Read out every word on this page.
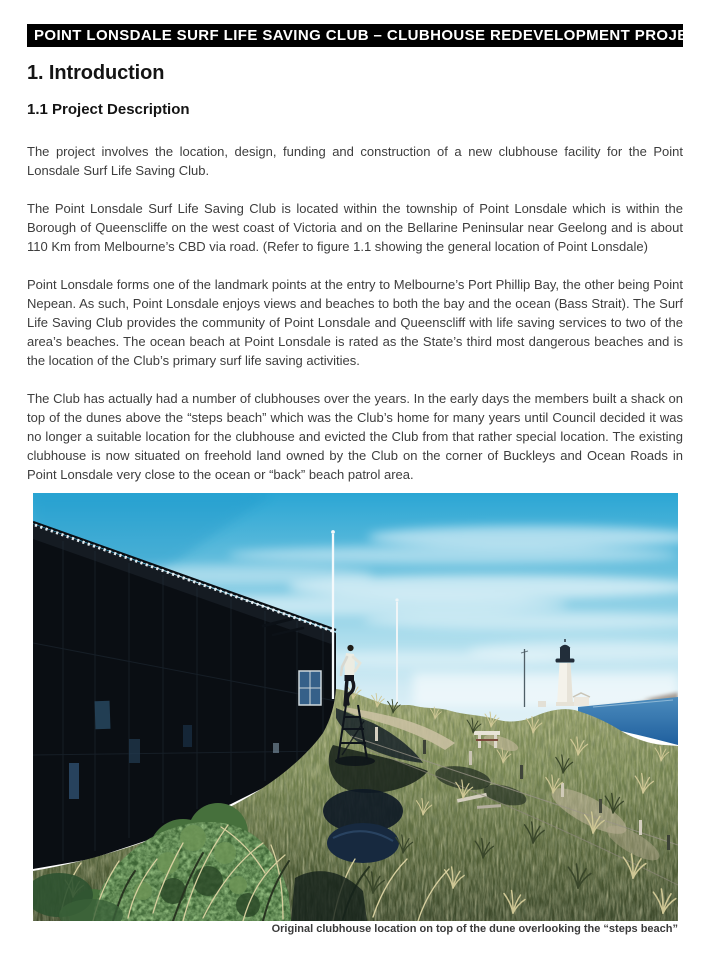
POINT LONSDALE SURF LIFE SAVING CLUB – CLUBHOUSE REDEVELOPMENT PROJECT
1. Introduction
1.1 Project Description

The project involves the location, design, funding and construction of a new clubhouse facility for the Point Lonsdale Surf Life Saving Club.

The Point Lonsdale Surf Life Saving Club is located within the township of Point Lonsdale which is within the Borough of Queenscliffe on the west coast of Victoria and on the Bellarine Peninsular near Geelong and is about 110 Km from Melbourne’s CBD via road. (Refer to figure 1.1 showing the general location of Point Lonsdale)

Point Lonsdale forms one of the landmark points at the entry to Melbourne’s Port Phillip Bay, the other being Point Nepean. As such, Point Lonsdale enjoys views and beaches to both the bay and the ocean (Bass Strait). The Surf Life Saving Club provides the community of Point Lonsdale and Queenscliff with life saving services to two of the area’s beaches. The ocean beach at Point Lonsdale is rated as the State’s third most dangerous beaches and is the location of the Club’s primary surf life saving activities.

The Club has actually had a number of clubhouses over the years. In the early days the members built a shack on top of the dunes above the “steps beach” which was the Club’s home for many years until Council decided it was no longer a suitable location for the clubhouse and evicted the Club from that rather special location. The existing clubhouse is now situated on freehold land owned by the Club on the corner of Buckleys and Ocean Roads in Point Lonsdale very close to the ocean or “back” beach patrol area.

Original clubhouse location on top of the dune overlooking the “steps beach”
